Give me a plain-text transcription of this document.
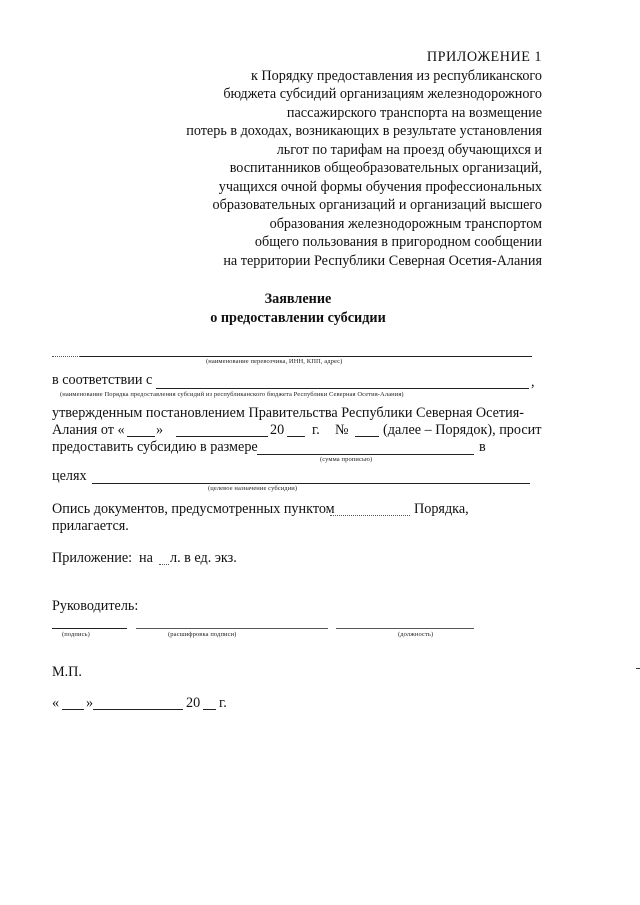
ПРИЛОЖЕНИЕ 1
к Порядку предоставления из республиканского
бюджета субсидий организациям железнодорожного
пассажирского транспорта на возмещение
потерь в доходах, возникающих в результате установления
льгот по тарифам на проезд обучающихся и
воспитанников общеобразовательных организаций,
учащихся очной формы обучения профессиональных
образовательных организаций и организаций высшего
образования железнодорожным транспортом
общего пользования в пригородном сообщении
на территории Республики Северная Осетия-Алания
Заявление
о предоставлении субсидии
(наименование перевозчика, ИНН, КПП, адрес)
в соответствии с	,
(наименование Порядка предоставления субсидий из республиканского бюджета Республики Северная Осетия-Алания)
утвержденным постановлением Правительства Республики Северная Осетия-
Алания от « »	20 г. № (далее – Порядок), просит
предоставить субсидию в размере	в
(сумма прописью)
целях
(целевое назначение субсидии)
Опись документов, предусмотренных пунктом	Порядка,
прилагается.
Приложение: на л. в ед. экз.
Руководитель:
(подпись)	(расшифровка подписи)	(должность)
М.П.
« »	20 г.
